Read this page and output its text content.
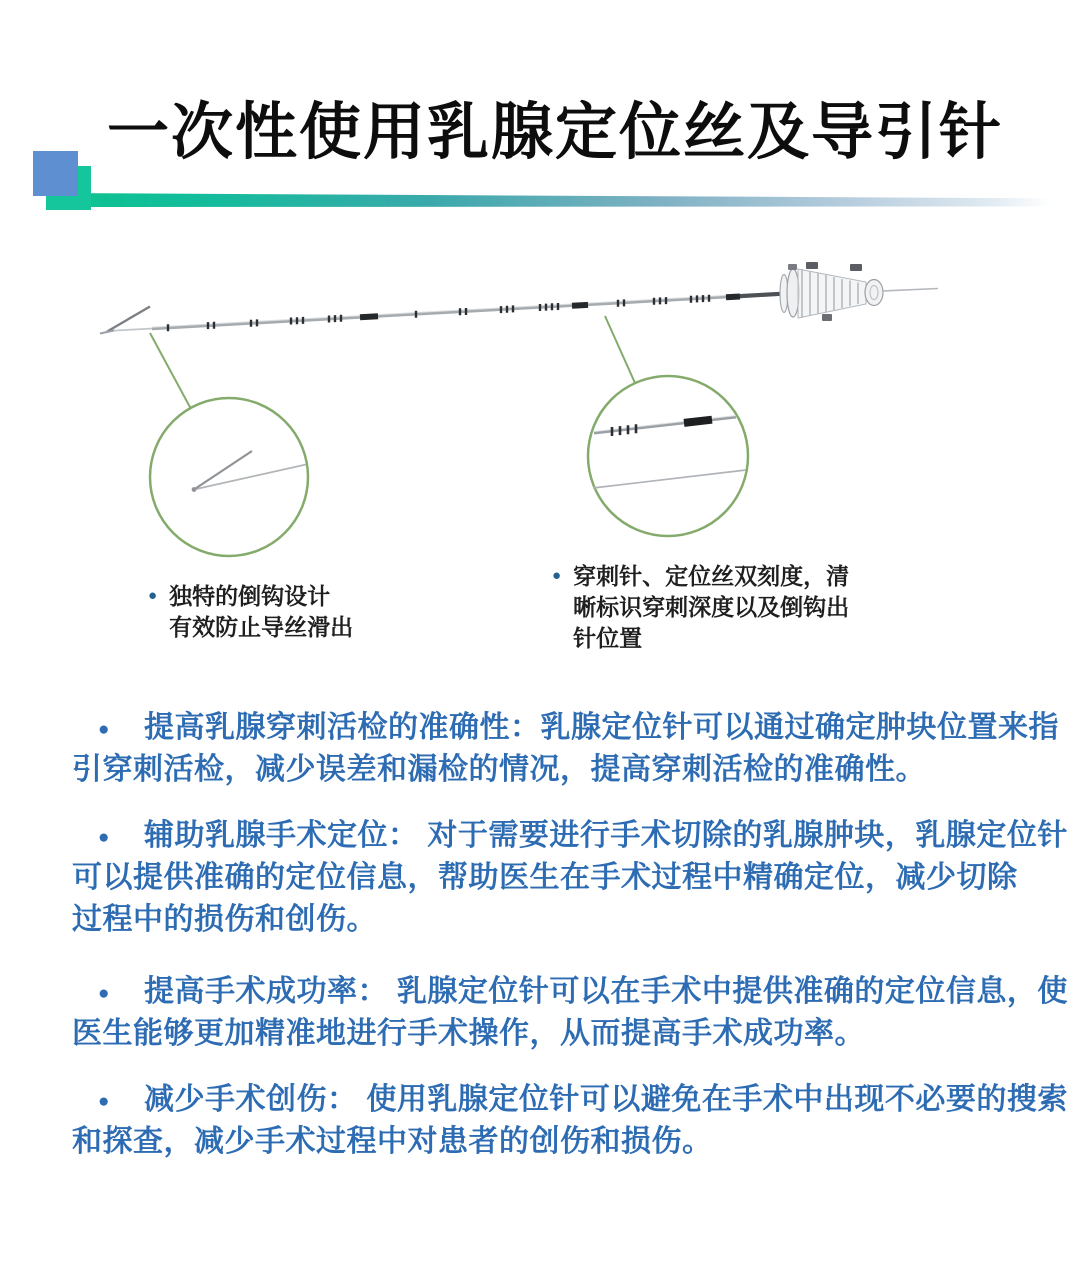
一次性使用乳腺定位丝及导引针
● 独特的倒钩设计
有效防止导丝滑出
● 穿刺针、定位丝双刻度，清
晰标识穿刺深度以及倒钩出
针位置
● 提高乳腺穿刺活检的准确性：乳腺定位针可以通过确定肿块位置来指
引穿刺活检，减少误差和漏检的情况，提高穿刺活检的准确性。
● 辅助乳腺手术定位： 对于需要进行手术切除的乳腺肿块，乳腺定位针
可以提供准确的定位信息，帮助医生在手术过程中精确定位，减少切除
过程中的损伤和创伤。
● 提高手术成功率： 乳腺定位针可以在手术中提供准确的定位信息，使
医生能够更加精准地进行手术操作，从而提高手术成功率。
● 减少手术创伤： 使用乳腺定位针可以避免在手术中出现不必要的搜索
和探查，减少手术过程中对患者的创伤和损伤。
